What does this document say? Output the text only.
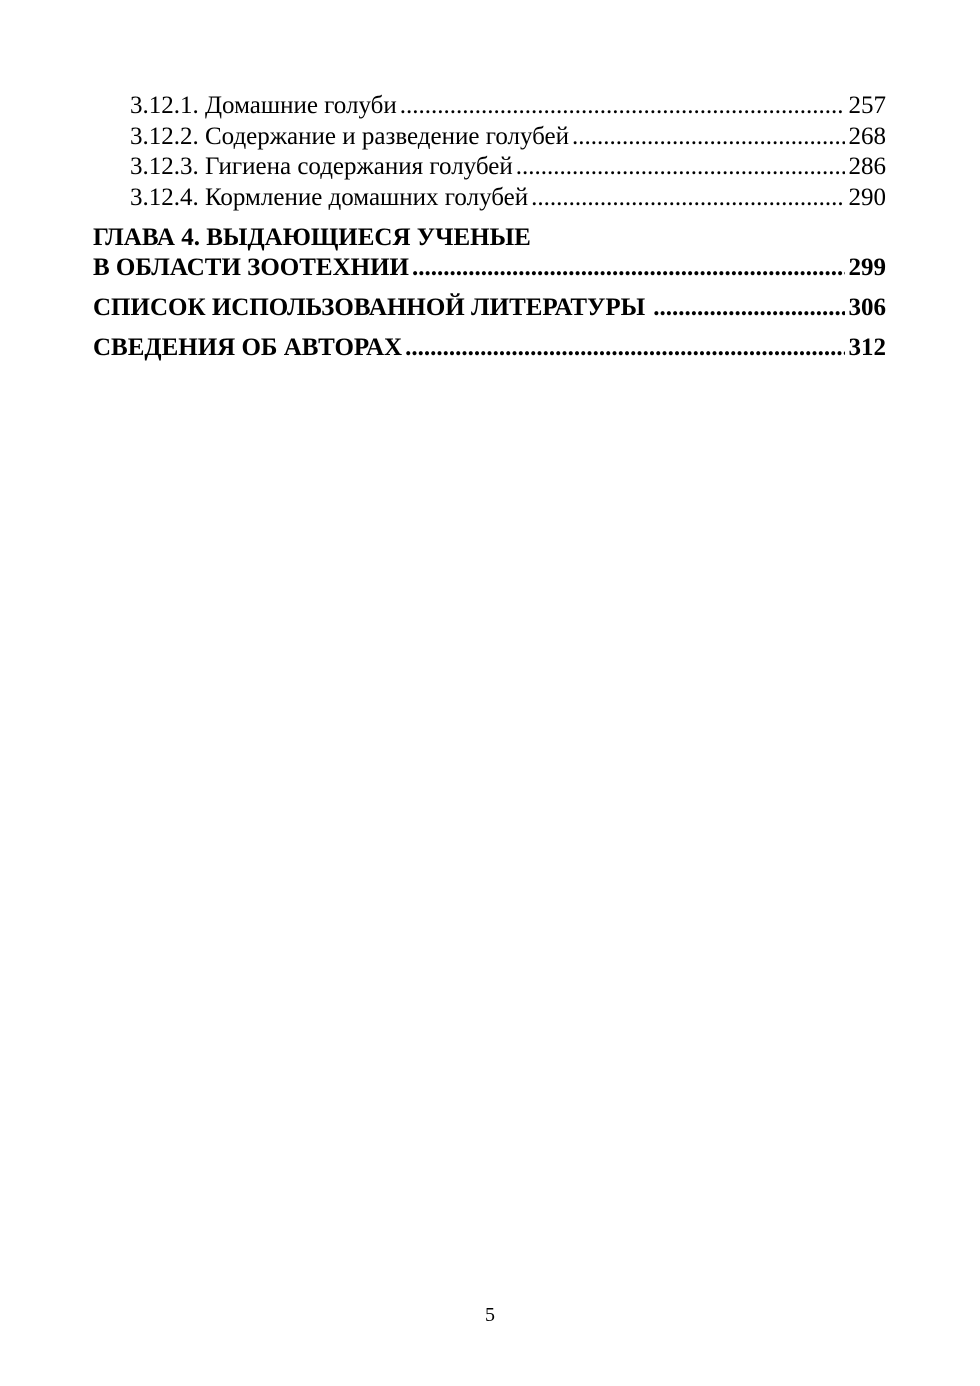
3.12.1. Домашние голуби .....	257
3.12.2. Содержание и разведение голубей .....	268
3.12.3. Гигиена содержания голубей .....	286
3.12.4. Кормление домашних голубей .....	290
ГЛАВА 4. ВЫДАЮЩИЕСЯ УЧЕНЫЕ
В ОБЛАСТИ ЗООТЕХНИИ .....	299
СПИСОК ИСПОЛЬЗОВАННОЙ ЛИТЕРАТУРЫ .....	306
СВЕДЕНИЯ ОБ АВТОРАХ .....	312
5
